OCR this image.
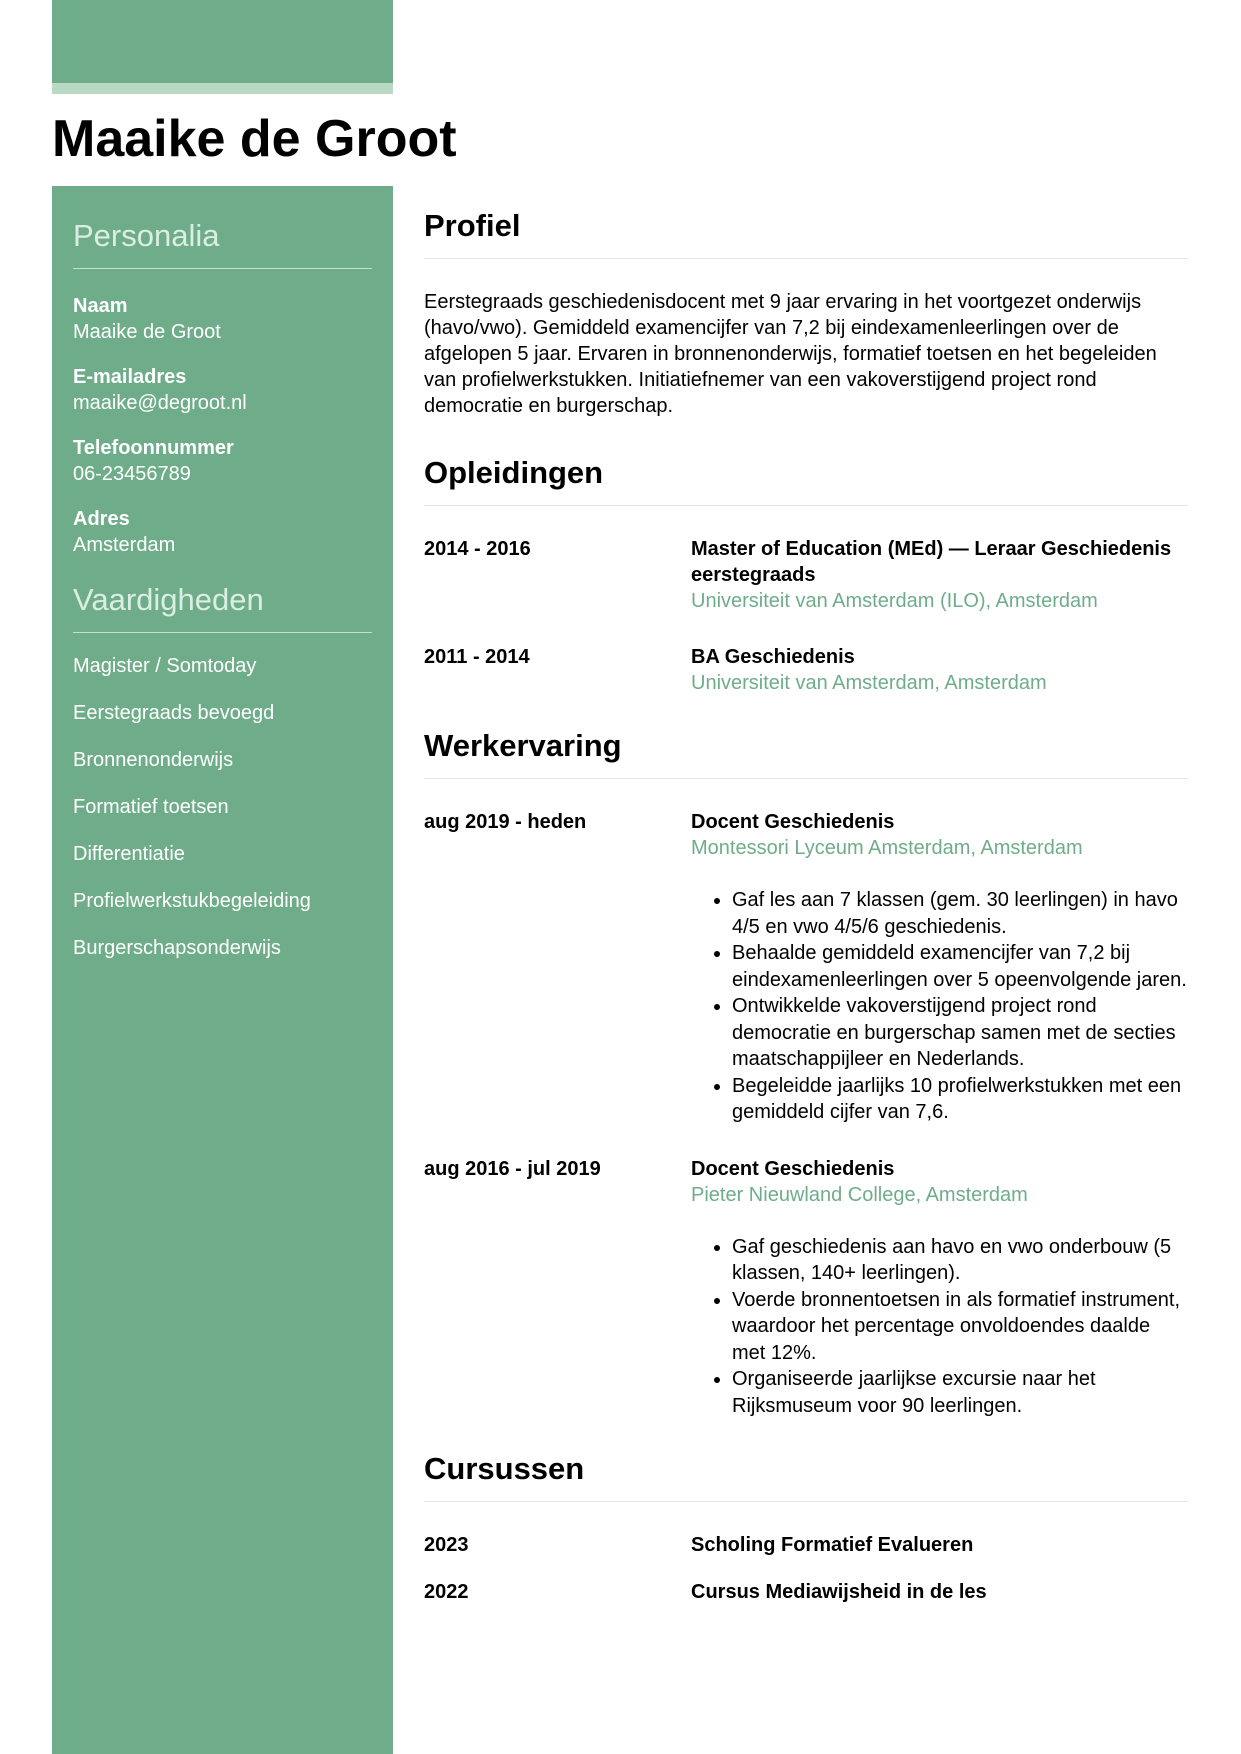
Maaike de Groot
Personalia
Naam
Maaike de Groot
E-mailadres
maaike@degroot.nl
Telefoonnummer
06-23456789
Adres
Amsterdam
Vaardigheden
Magister / Somtoday
Eerstegraads bevoegd
Bronnenonderwijs
Formatief toetsen
Differentiatie
Profielwerkstukbegeleiding
Burgerschapsonderwijs
Profiel

Eerstegraads geschiedenisdocent met 9 jaar ervaring in het voortgezet onderwijs (havo/vwo). Gemiddeld examencijfer van 7,2 bij eindexamenleerlingen over de afgelopen 5 jaar. Ervaren in bronnenonderwijs, formatief toetsen en het begeleiden van profielwerkstukken. Initiatiefnemer van een vakoverstijgend project rond democratie en burgerschap.

Opleidingen
2014 - 2016	Master of Education (MEd) — Leraar Geschiedenis eerstegraads
Universiteit van Amsterdam (ILO), Amsterdam
2011 - 2014	BA Geschiedenis
Universiteit van Amsterdam, Amsterdam
Werkervaring
aug 2019 - heden	Docent Geschiedenis
Montessori Lyceum Amsterdam, Amsterdam
• Gaf les aan 7 klassen (gem. 30 leerlingen) in havo 4/5 en vwo 4/5/6 geschiedenis.
• Behaalde gemiddeld examencijfer van 7,2 bij eindexamenleerlingen over 5 opeenvolgende jaren.
• Ontwikkelde vakoverstijgend project rond democratie en burgerschap samen met de secties maatschappijleer en Nederlands.
• Begeleidde jaarlijks 10 profielwerkstukken met een gemiddeld cijfer van 7,6.
aug 2016 - jul 2019	Docent Geschiedenis
Pieter Nieuwland College, Amsterdam
• Gaf geschiedenis aan havo en vwo onderbouw (5 klassen, 140+ leerlingen).
• Voerde bronnentoetsen in als formatief instrument, waardoor het percentage onvoldoendes daalde met 12%.
• Organiseerde jaarlijkse excursie naar het Rijksmuseum voor 90 leerlingen.
Cursussen
2023	Scholing Formatief Evalueren
2022	Cursus Mediawijsheid in de les
